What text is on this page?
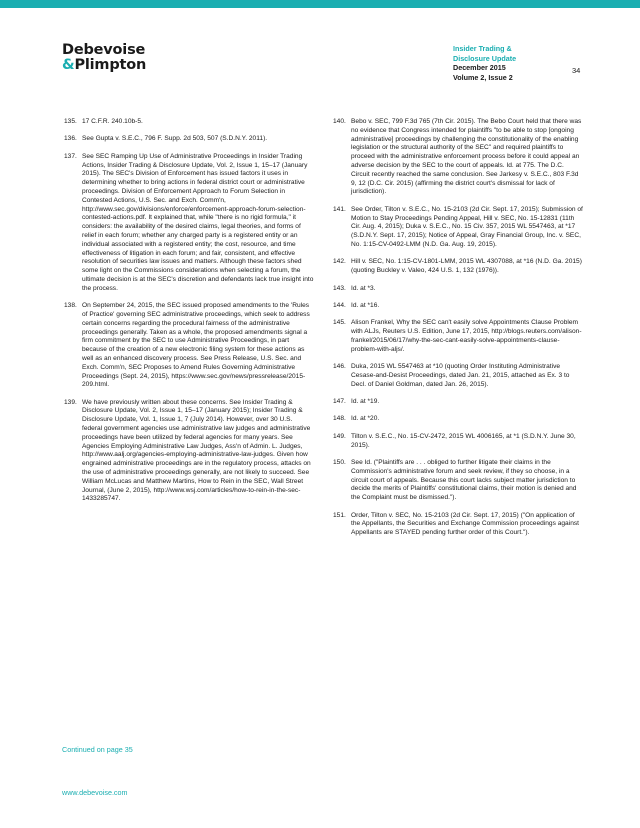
Debevoise
&Plimpton
Insider Trading &
Disclosure Update
December 2015
Volume 2, Issue 2
34
135. 17 C.F.R. 240.10b-5.
136. See Gupta v. S.E.C., 796 F. Supp. 2d 503, 507 (S.D.N.Y. 2011).
137. See SEC Ramping Up Use of Administrative Proceedings in Insider Trading Actions, Insider Trading & Disclosure Update, Vol. 2, Issue 1, 15–17 (January 2015). The SEC's Division of Enforcement has issued factors it uses in determining whether to bring actions in federal district court or administrative proceedings. Division of Enforcement Approach to Forum Selection in Contested Actions, U.S. Sec. and Exch. Comm'n, http://www.sec.gov/divisions/enforce/enforcement-approach-forum-selection-contested-actions.pdf. It explained that, while "there is no rigid formula," it considers: the availability of the desired claims, legal theories, and forms of relief in each forum; whether any charged party is a registered entity or an individual associated with a registered entity; the cost, resource, and time effectiveness of litigation in each forum; and fair, consistent, and effective resolution of securities law issues and matters. Although these factors shed some light on the Commissions considerations when selecting a forum, the ultimate decision is at the SEC's discretion and defendants lack true insight into the process.
138. On September 24, 2015, the SEC issued proposed amendments to the 'Rules of Practice' governing SEC administrative proceedings, which seek to address certain concerns regarding the procedural fairness of the administrative proceedings generally. Taken as a whole, the proposed amendments signal a firm commitment by the SEC to use Administrative Proceedings, in part because of the creation of a new electronic filing system for these actions as well as an enhanced discovery process. See Press Release, U.S. Sec. and Exch. Comm'n, SEC Proposes to Amend Rules Governing Administrative Proceedings (Sept. 24, 2015), https://www.sec.gov/news/pressrelease/2015-209.html.
139. We have previously written about these concerns. See Insider Trading & Disclosure Update, Vol. 2, Issue 1, 15–17 (January 2015); Insider Trading & Disclosure Update, Vol. 1, Issue 1, 7 (July 2014). However, over 30 U.S. federal government agencies use administrative law judges and administrative proceedings have been utilized by federal agencies for many years. See Agencies Employing Administrative Law Judges, Ass'n of Admin. L. Judges, http://www.aalj.org/agencies-employing-administrative-law-judges. Given how engrained administrative proceedings are in the regulatory process, attacks on the use of administrative proceedings generally, are not likely to succeed. See William McLucas and Matthew Martins, How to Rein in the SEC, Wall Street Journal, (June 2, 2015), http://www.wsj.com/articles/how-to-rein-in-the-sec-1433285747.
140. Bebo v. SEC, 799 F.3d 765 (7th Cir. 2015). The Bebo Court held that there was no evidence that Congress intended for plaintiffs "to be able to stop [ongoing administrative] proceedings by challenging the constitutionality of the enabling legislation or the structural authority of the SEC" and required plaintiffs to proceed with the administrative enforcement process before it could appeal an adverse decision by the SEC to the court of appeals. Id. at 775. The D.C. Circuit recently reached the same conclusion. See Jarkesy v. S.E.C., 803 F.3d 9, 12 (D.C. Cir. 2015) (affirming the district court's dismissal for lack of jurisdiction).
141. See Order, Tilton v. S.E.C., No. 15-2103 (2d Cir. Sept. 17, 2015); Submission of Motion to Stay Proceedings Pending Appeal, Hill v. SEC, No. 15-12831 (11th Cir. Aug. 4, 2015); Duka v. S.E.C., No. 15 Civ. 357, 2015 WL 5547463, at *17 (S.D.N.Y. Sept. 17, 2015); Notice of Appeal, Gray Financial Group, Inc. v. SEC, No. 1:15-CV-0492-LMM (N.D. Ga. Aug. 19, 2015).
142. Hill v. SEC, No. 1:15-CV-1801-LMM, 2015 WL 4307088, at *16 (N.D. Ga. 2015) (quoting Buckley v. Valeo, 424 U.S. 1, 132 (1976)).
143. Id. at *3.
144. Id. at *16.
145. Alison Frankel, Why the SEC can't easily solve Appointments Clause Problem with ALJs, Reuters U.S. Edition, June 17, 2015, http://blogs.reuters.com/alison-frankel/2015/06/17/why-the-sec-cant-easily-solve-appointments-clause-problem-with-aljs/.
146. Duka, 2015 WL 5547463 at *10 (quoting Order Instituting Administrative Cesase-and-Desist Proceedings, dated Jan. 21, 2015, attached as Ex. 3 to Decl. of Daniel Goldman, dated Jan. 26, 2015).
147. Id. at *19.
148. Id. at *20.
149. Tilton v. S.E.C., No. 15-CV-2472, 2015 WL 4006165, at *1 (S.D.N.Y. June 30, 2015).
150. See Id. ("Plaintiffs are . . . obliged to further litigate their claims in the Commission's administrative forum and seek review, if they so choose, in a circuit court of appeals. Because this court lacks subject matter jurisdiction to decide the merits of Plaintiffs' constitutional claims, their motion is denied and the Complaint must be dismissed.").
151. Order, Tilton v. SEC, No. 15-2103 (2d Cir. Sept. 17, 2015) ("On application of the Appellants, the Securities and Exchange Commission proceedings against Appellants are STAYED pending further order of this Court.").
Continued on page 35
www.debevoise.com
